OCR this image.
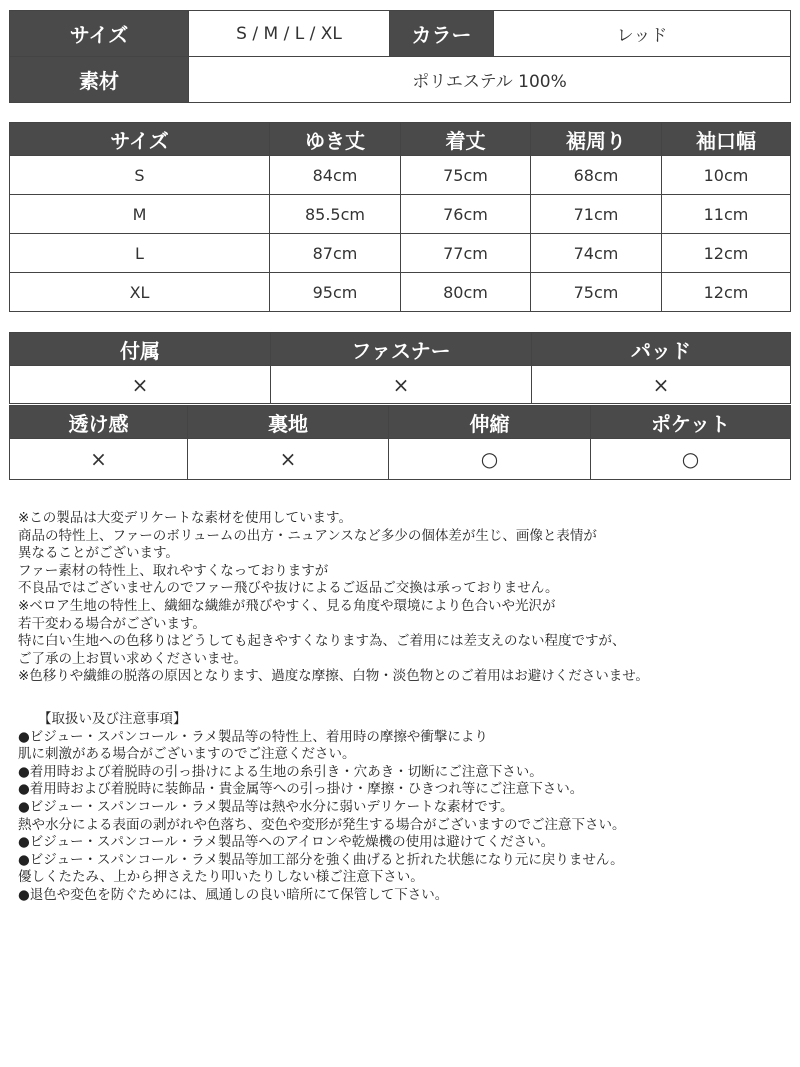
サイズ	S / M / L / XL	カラー	レッド
素材	ポリエステル 100%		
サイズ	ゆき丈	着丈	裾周り	袖口幅
S	84cm	75cm	68cm	10cm
M	85.5cm	76cm	71cm	11cm
L	87cm	77cm	74cm	12cm
XL	95cm	80cm	75cm	12cm
付属	ファスナー	パッド
×	×	×
透け感	裏地	伸縮	ポケット
×	×	○	○
※この製品は大変デリケートな素材を使用しています。
商品の特性上、ファーのボリュームの出方・ニュアンスなど多少の個体差が生じ、画像と表情が
異なることがございます。
ファー素材の特性上、取れやすくなっておりますが
不良品ではございませんのでファー飛びや抜けによるご返品ご交換は承っておりません。
※ベロア生地の特性上、繊細な繊維が飛びやすく、見る角度や環境により色合いや光沢が
若干変わる場合がございます。
特に白い生地への色移りはどうしても起きやすくなります為、ご着用には差支えのない程度ですが、
ご了承の上お買い求めくださいませ。
※色移りや繊維の脱落の原因となります、過度な摩擦、白物・淡色物とのご着用はお避けくださいませ。
【取扱い及び注意事項】
●ビジュー・スパンコール・ラメ製品等の特性上、着用時の摩擦や衝撃により
肌に刺激がある場合がございますのでご注意ください。
●着用時および着脱時の引っ掛けによる生地の糸引き・穴あき・切断にご注意下さい。
●着用時および着脱時に装飾品・貴金属等への引っ掛け・摩擦・ひきつれ等にご注意下さい。
●ビジュー・スパンコール・ラメ製品等は熱や水分に弱いデリケートな素材です。
熱や水分による表面の剥がれや色落ち、変色や変形が発生する場合がございますのでご注意下さい。
●ビジュー・スパンコール・ラメ製品等へのアイロンや乾燥機の使用は避けてください。
●ビジュー・スパンコール・ラメ製品等加工部分を強く曲げると折れた状態になり元に戻りません。
優しくたたみ、上から押さえたり叩いたりしない様ご注意下さい。
●退色や変色を防ぐためには、風通しの良い暗所にて保管して下さい。
